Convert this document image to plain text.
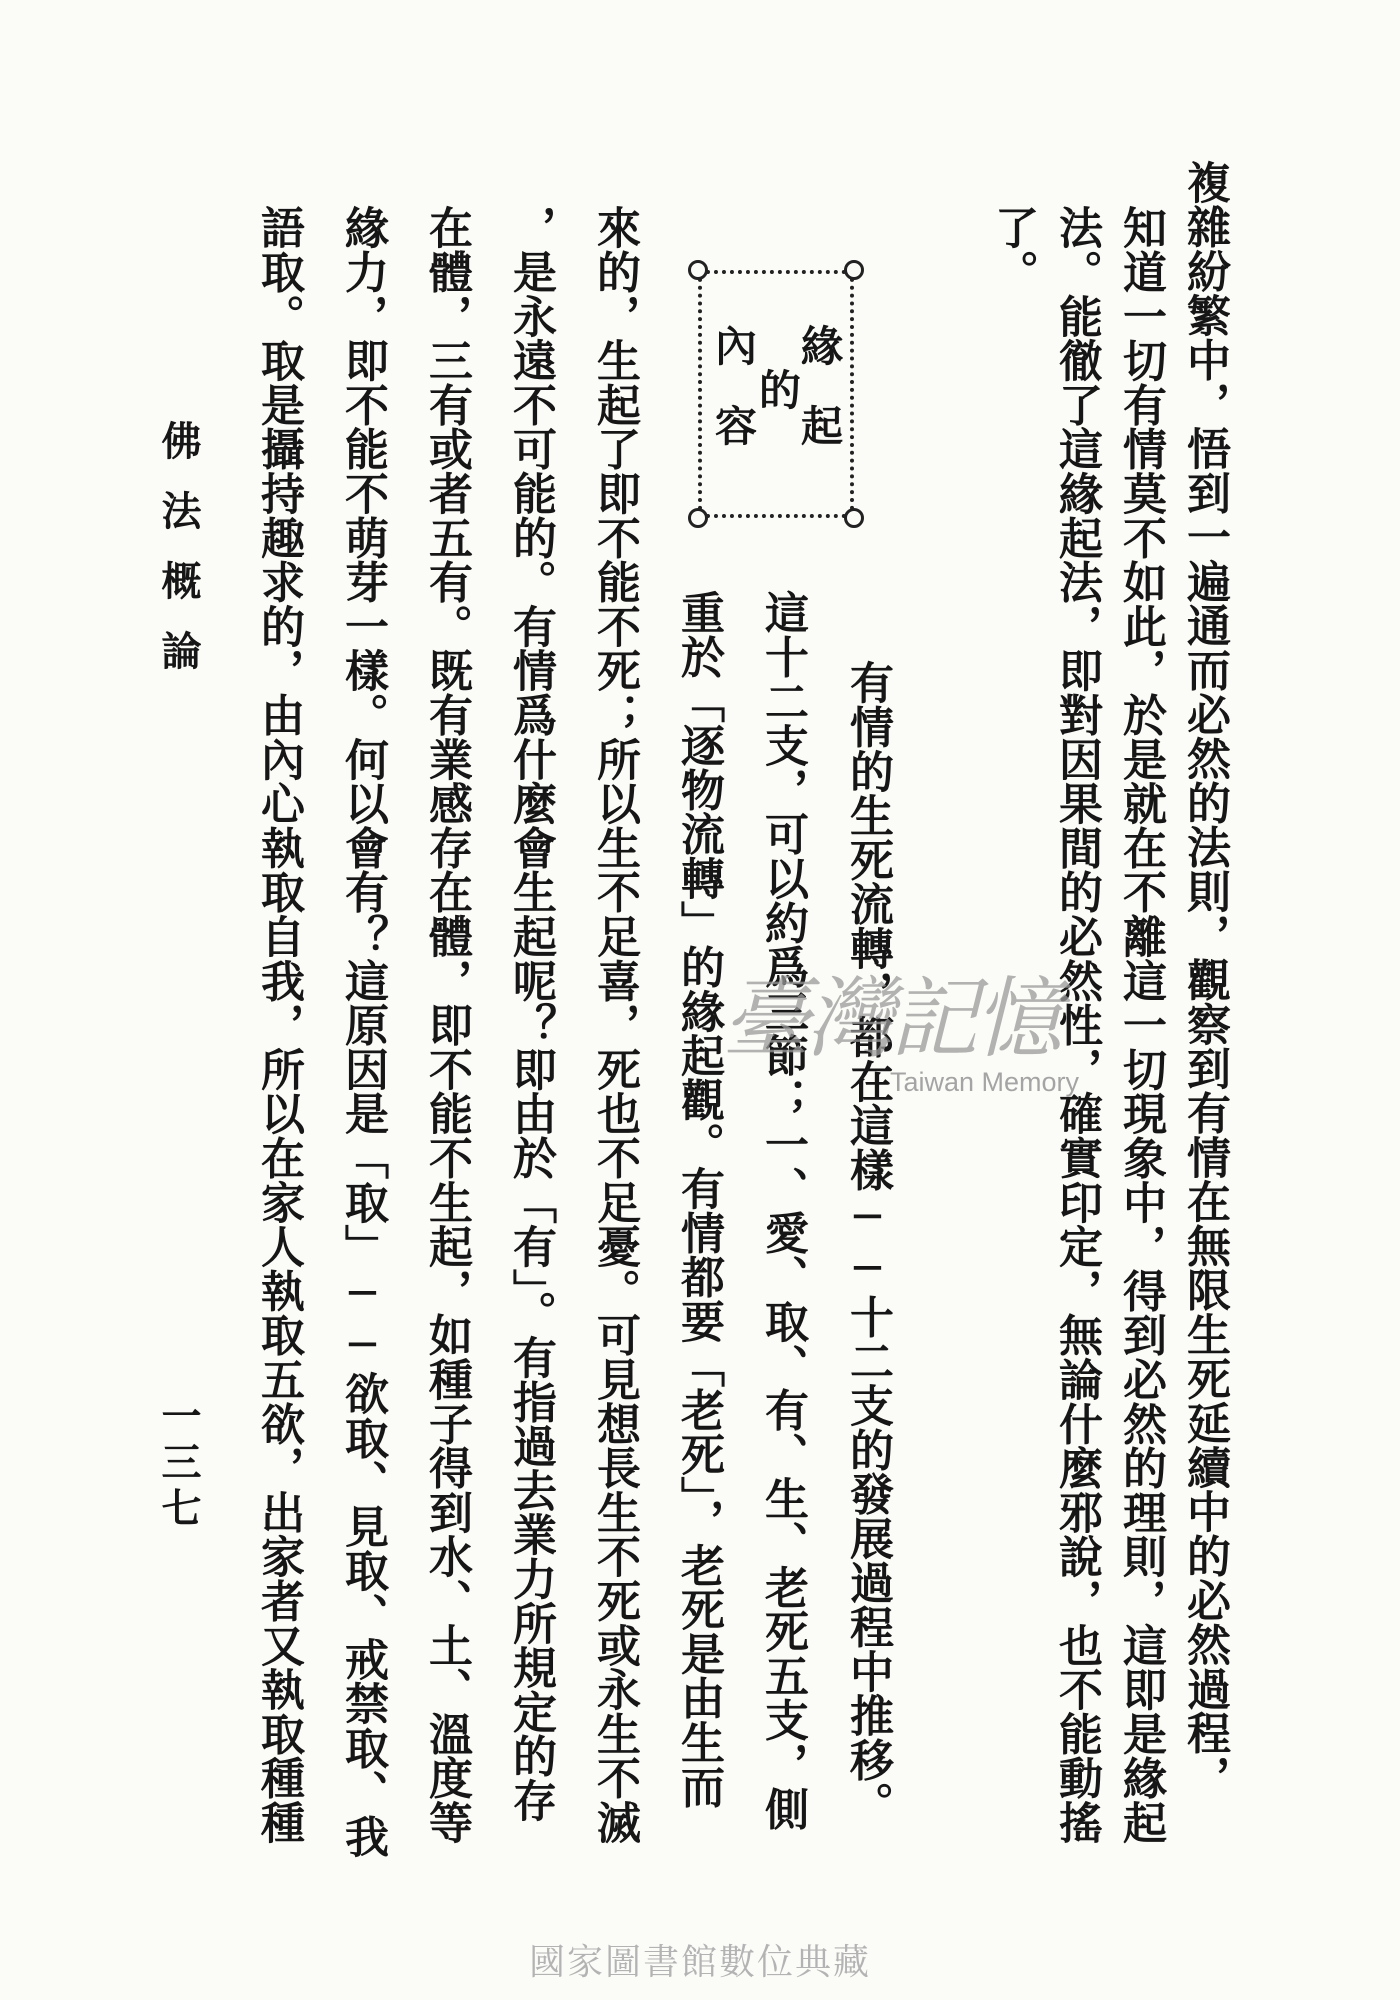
複雜紛繁中，悟到一遍通而必然的法則，觀察到有情在無限生死延續中的必然過程，
知道一切有情莫不如此，於是就在不離這一切現象中，得到必然的理則，這即是緣起
法。能徹了這緣起法，即對因果間的必然性，確實印定，無論什麼邪說，也不能動搖
了。
緣起
的
內容
有情的生死流轉，都在這樣──十二支的發展過程中推移。
這十二支，可以約爲三節；一、愛、取、有、生、老死五支，側
重於「逐物流轉」的緣起觀。有情都要「老死」，老死是由生而
來的，生起了即不能不死；所以生不足喜，死也不足憂。可見想長生不死或永生不滅
，是永遠不可能的。有情爲什麼會生起呢？即由於「有」。有指過去業力所規定的存
在體，三有或者五有。既有業感存在體，即不能不生起，如種子得到水、土、溫度等
緣力，即不能不萌芽一樣。何以會有？這原因是「取」──欲取、見取、戒禁取、我
語取。取是攝持趣求的，由內心執取自我，所以在家人執取五欲，出家者又執取種種
佛法概論
一三七
臺灣記憶
Taiwan Memory
國家圖書館數位典藏
